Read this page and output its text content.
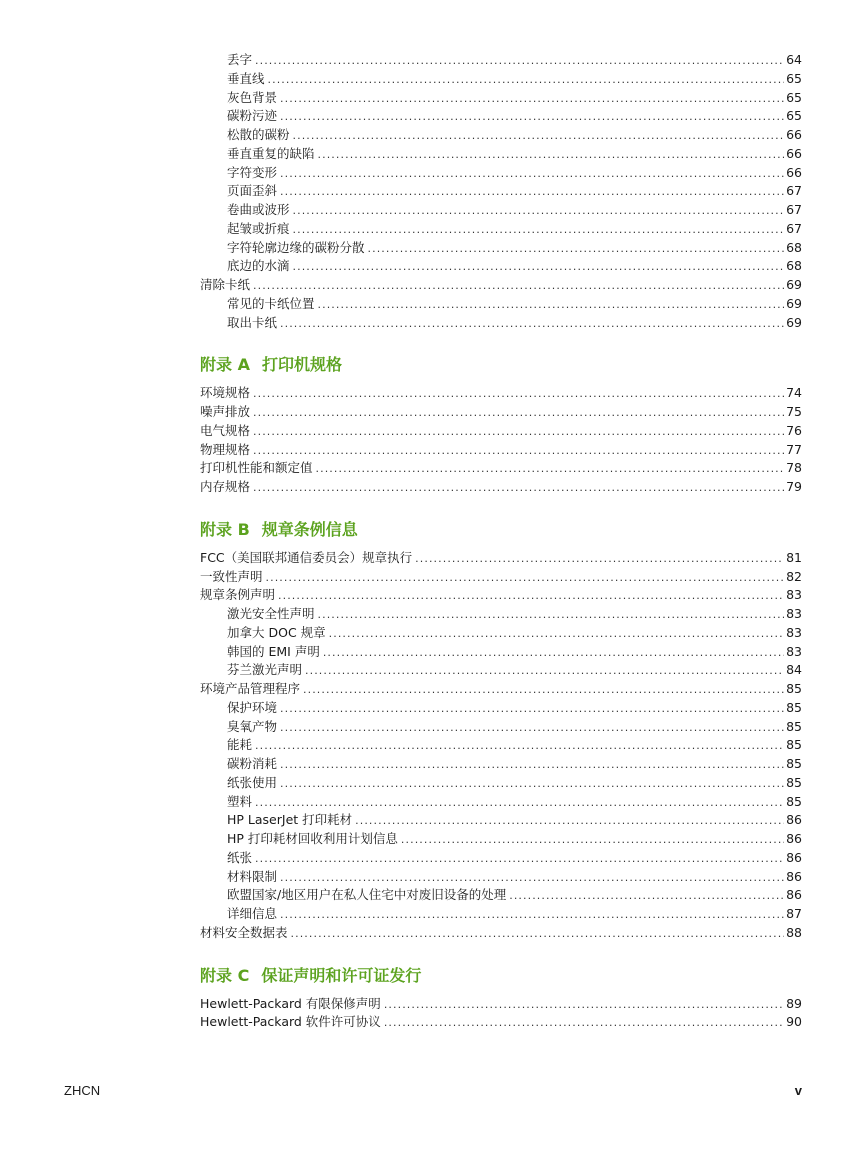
丢字 .....	64
垂直线 .....	65
灰色背景 .....	65
碳粉污迹 .....	65
松散的碳粉 .....	66
垂直重复的缺陷 .....	66
字符变形 .....	66
页面歪斜 .....	67
卷曲或波形 .....	67
起皱或折痕 .....	67
字符轮廓边缘的碳粉分散 .....	68
底边的水滴 .....	68
清除卡纸 .....	69
常见的卡纸位置 .....	69
取出卡纸 .....	69
附录 A 打印机规格
环境规格 .....	74
噪声排放 .....	75
电气规格 .....	76
物理规格 .....	77
打印机性能和额定值 .....	78
内存规格 .....	79
附录 B 规章条例信息
FCC（美国联邦通信委员会）规章执行 .....	81
一致性声明 .....	82
规章条例声明 .....	83
激光安全性声明 .....	83
加拿大 DOC 规章 .....	83
韩国的 EMI 声明 .....	83
芬兰激光声明 .....	84
环境产品管理程序 .....	85
保护环境 .....	85
臭氧产物 .....	85
能耗 .....	85
碳粉消耗 .....	85
纸张使用 .....	85
塑料 .....	85
HP LaserJet 打印耗材 .....	86
HP 打印耗材回收利用计划信息 .....	86
纸张 .....	86
材料限制 .....	86
欧盟国家/地区用户在私人住宅中对废旧设备的处理 .....	86
详细信息 .....	87
材料安全数据表 .....	88
附录 C 保证声明和许可证发行
Hewlett-Packard 有限保修声明 .....	89
Hewlett-Packard 软件许可协议 .....	90
ZHCN	v
